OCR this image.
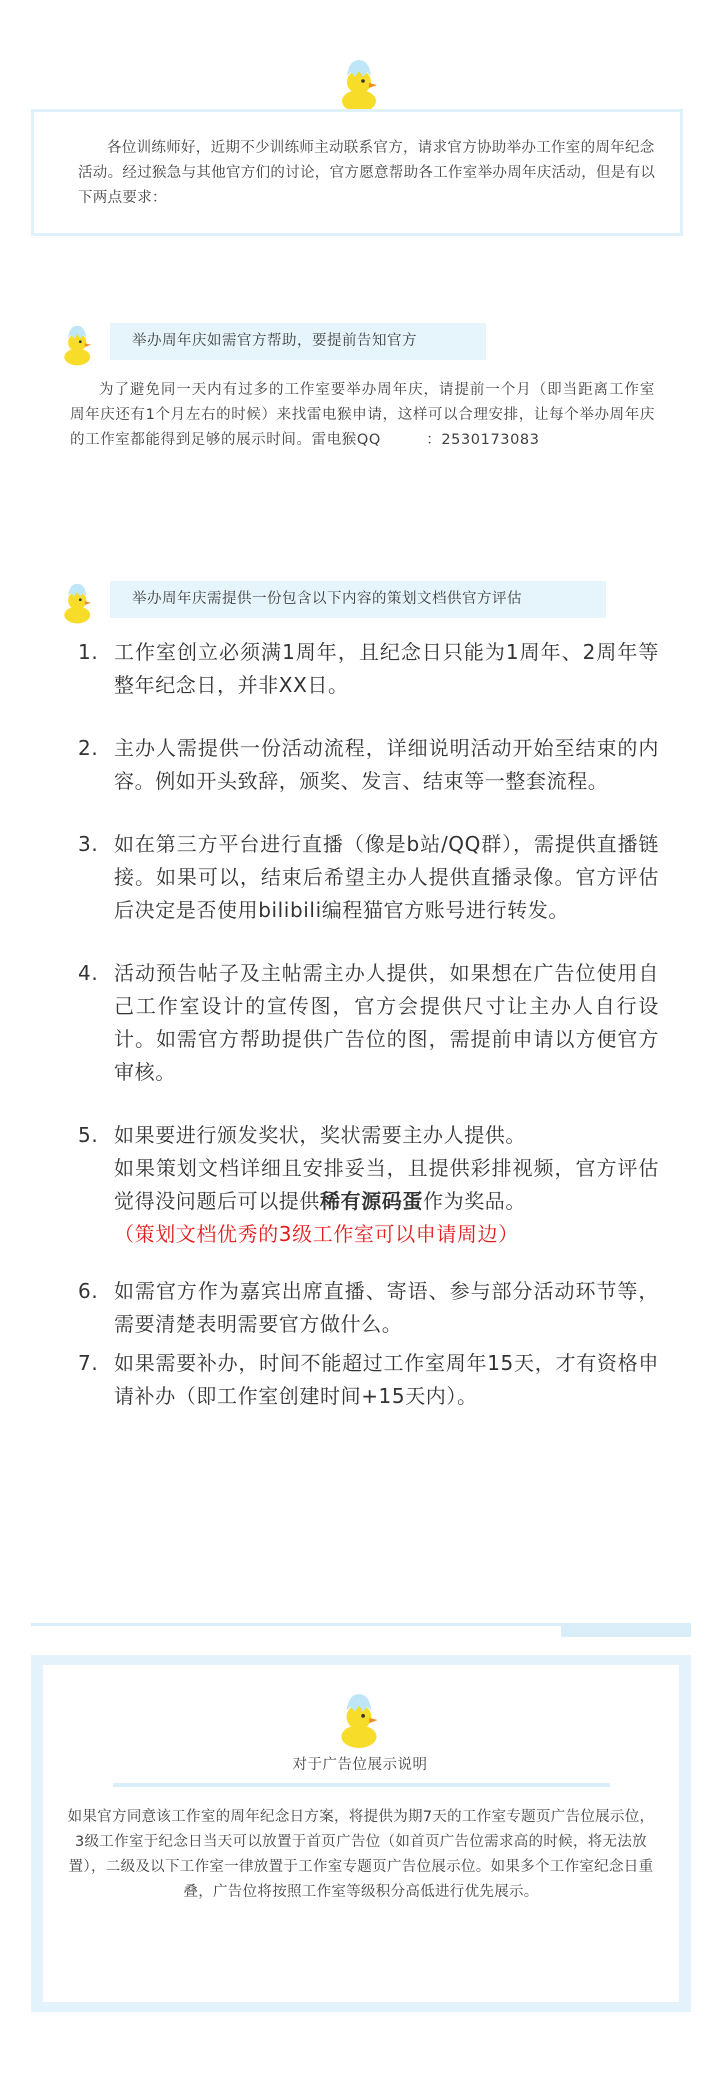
各位训练师好，近期不少训练师主动联系官方，请求官方协助举办工作室的周年纪念活动。经过猴急与其他官方们的讨论，官方愿意帮助各工作室举办周年庆活动，但是有以下两点要求：
举办周年庆如需官方帮助，要提前告知官方
为了避免同一天内有过多的工作室要举办周年庆，请提前一个月（即当距离工作室周年庆还有1个月左右的时候）来找雷电猴申请，这样可以合理安排，让每个举办周年庆的工作室都能得到足够的展示时间。雷电猴QQ　　　：2530173083
举办周年庆需提供一份包含以下内容的策划文档供官方评估
1. 工作室创立必须满1周年，且纪念日只能为1周年、2周年等整年纪念日，并非XX日。
2. 主办人需提供一份活动流程，详细说明活动开始至结束的内容。例如开头致辞，颁奖、发言、结束等一整套流程。
3. 如在第三方平台进行直播（像是b站/QQ群），需提供直播链接。如果可以，结束后希望主办人提供直播录像。官方评估后决定是否使用bilibili编程猫官方账号进行转发。
4. 活动预告帖子及主帖需主办人提供，如果想在广告位使用自己工作室设计的宣传图，官方会提供尺寸让主办人自行设计。如需官方帮助提供广告位的图，需提前申请以方便官方审核。
5. 如果要进行颁发奖状，奖状需要主办人提供。
如果策划文档详细且安排妥当，且提供彩排视频，官方评估觉得没问题后可以提供稀有源码蛋作为奖品。
（策划文档优秀的3级工作室可以申请周边）
6. 如需官方作为嘉宾出席直播、寄语、参与部分活动环节等，需要清楚表明需要官方做什么。
7. 如果需要补办，时间不能超过工作室周年15天，才有资格申请补办（即工作室创建时间+15天内）。
对于广告位展示说明
如果官方同意该工作室的周年纪念日方案，将提供为期7天的工作室专题页广告位展示位，3级工作室于纪念日当天可以放置于首页广告位（如首页广告位需求高的时候，将无法放置），二级及以下工作室一律放置于工作室专题页广告位展示位。如果多个工作室纪念日重叠，广告位将按照工作室等级积分高低进行优先展示。
